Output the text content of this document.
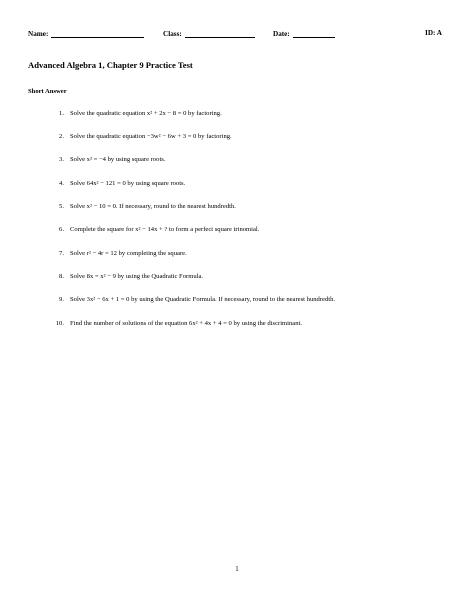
Name:	Class:	Date:	ID: A
Advanced Algebra 1, Chapter 9 Practice Test
Short Answer
1. Solve the quadratic equation x² + 2x − 8 = 0 by factoring.
2. Solve the quadratic equation −3w² − 6w + 3 = 0 by factoring.
3. Solve x² = −4 by using square roots.
4. Solve 64x² − 121 = 0 by using square roots.
5. Solve x² − 10 = 0. If necessary, round to the nearest hundredth.
6. Complete the square for x² − 14x + ? to form a perfect square trinomial.
7. Solve r² − 4r = 12 by completing the square.
8. Solve 8x = x² − 9 by using the Quadratic Formula.
9. Solve 3x² − 6x + 1 = 0 by using the Quadratic Formula. If necessary, round to the nearest hundredth.
10. Find the number of solutions of the equation 6x² + 4x + 4 = 0 by using the discriminant.
1
